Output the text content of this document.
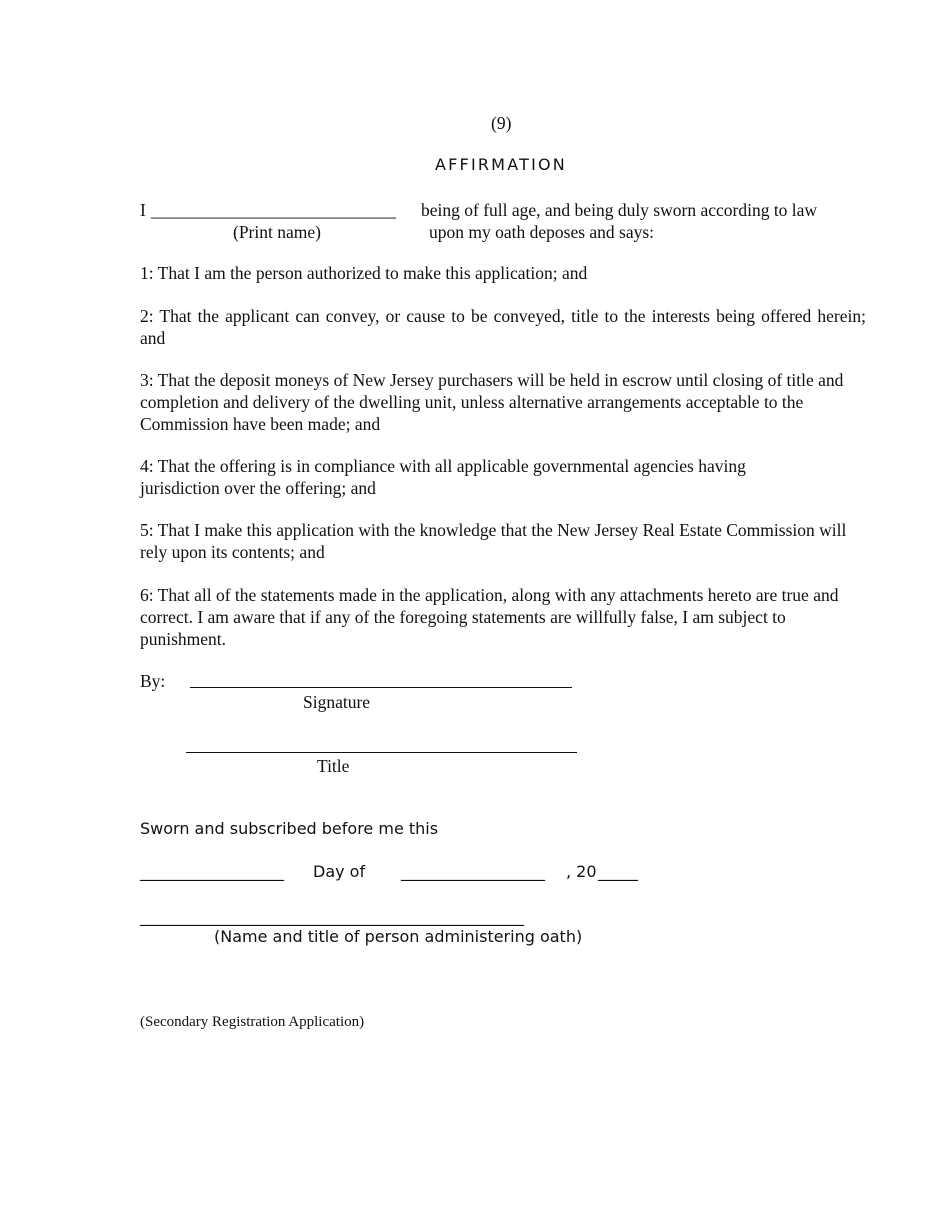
(9)
AFFIRMATION
I ____________________________ being of full age, and being duly sworn according to law
(Print name)	upon my oath deposes and says:
1: That I am the person authorized to make this application; and
2: That the applicant can convey, or cause to be conveyed, title to the interests being offered herein; and
3: That the deposit moneys of New Jersey purchasers will be held in escrow until closing of title and completion and delivery of the dwelling unit, unless alternative arrangements acceptable to the Commission have been made; and
4: That the offering is in compliance with all applicable governmental agencies having jurisdiction over the offering; and
5: That I make this application with the knowledge that the New Jersey Real Estate Commission will rely upon its contents; and
6: That all of the statements made in the application, along with any attachments hereto are true and correct. I am aware that if any of the foregoing statements are willfully false, I am subject to punishment.
By:
Signature
Title
Sworn and subscribed before me this
__________________ Day of __________________ , 20 _____
________________________________________________
(Name and title of person administering oath)
(Secondary Registration Application)
